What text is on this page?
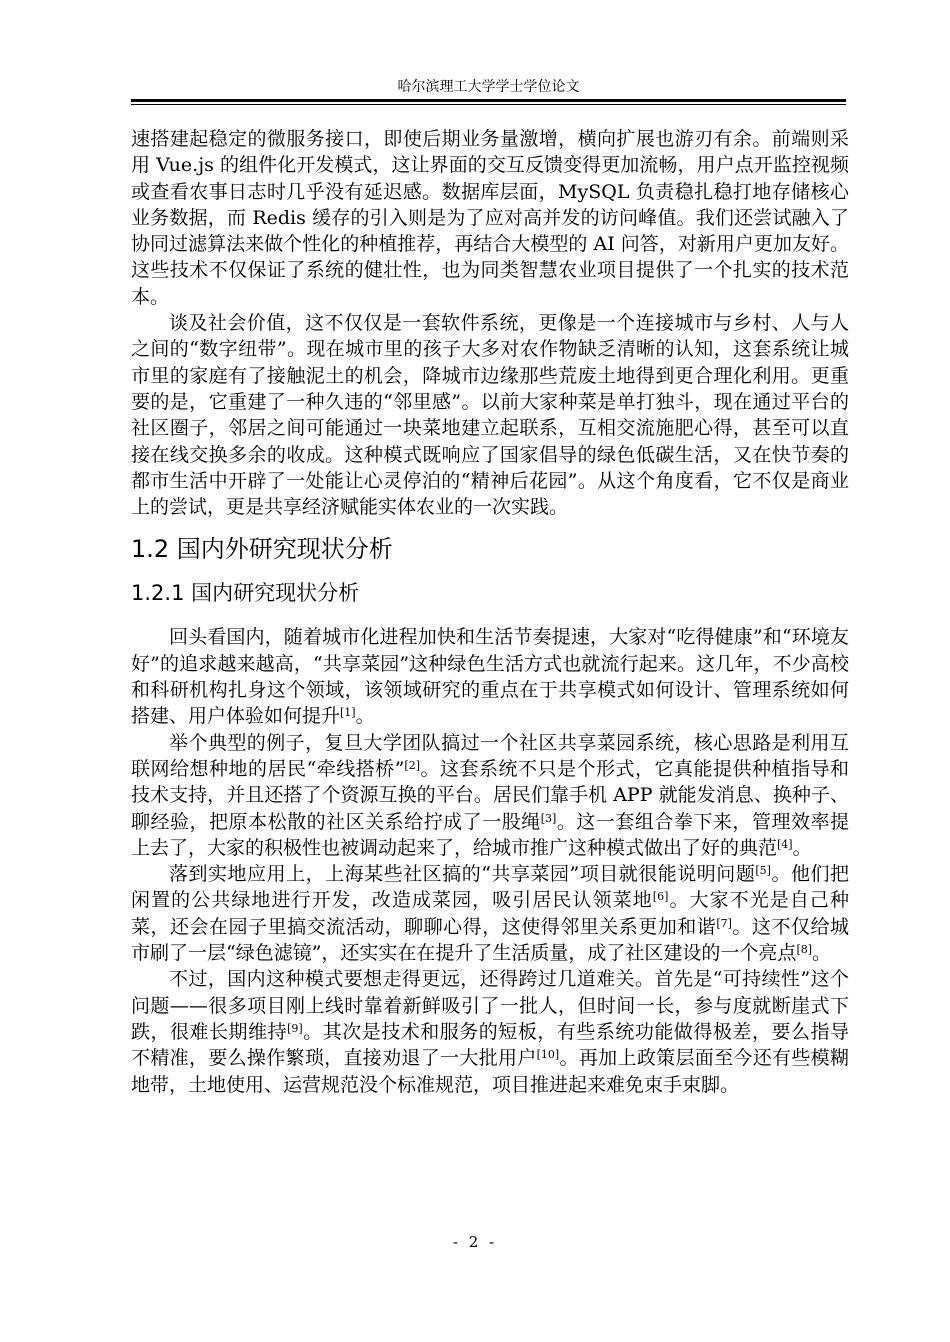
哈尔滨理工大学学士学位论文

速搭建起稳定的微服务接口，即使后期业务量激增，横向扩展也游刃有余。前端则采用 Vue.js 的组件化开发模式，这让界面的交互反馈变得更加流畅，用户点开监控视频或查看农事日志时几乎没有延迟感。数据库层面，MySQL 负责稳扎稳打地存储核心业务数据，而 Redis 缓存的引入则是为了应对高并发的访问峰值。我们还尝试融入了协同过滤算法来做个性化的种植推荐，再结合大模型的 AI 问答，对新用户更加友好。这些技术不仅保证了系统的健壮性，也为同类智慧农业项目提供了一个扎实的技术范本。

谈及社会价值，这不仅仅是一套软件系统，更像是一个连接城市与乡村、人与人之间的“数字纽带”。现在城市里的孩子大多对农作物缺乏清晰的认知，这套系统让城市里的家庭有了接触泥土的机会，降城市边缘那些荒废土地得到更合理化利用。更重要的是，它重建了一种久违的“邻里感”。以前大家种菜是单打独斗，现在通过平台的社区圈子，邻居之间可能通过一块菜地建立起联系，互相交流施肥心得，甚至可以直接在线交换多余的收成。这种模式既响应了国家倡导的绿色低碳生活，又在快节奏的都市生活中开辟了一处能让心灵停泊的“精神后花园”。从这个角度看，它不仅是商业上的尝试，更是共享经济赋能实体农业的一次实践。

1.2 国内外研究现状分析
1.2.1 国内研究现状分析

回头看国内，随着城市化进程加快和生活节奏提速，大家对“吃得健康”和“环境友好”的追求越来越高，“共享菜园”这种绿色生活方式也就流行起来。这几年，不少高校和科研机构扎身这个领域，该领域研究的重点在于共享模式如何设计、管理系统如何搭建、用户体验如何提升[1]。

举个典型的例子，复旦大学团队搞过一个社区共享菜园系统，核心思路是利用互联网给想种地的居民“牵线搭桥”[2]。这套系统不只是个形式，它真能提供种植指导和技术支持，并且还搭了个资源互换的平台。居民们靠手机 APP 就能发消息、换种子、聊经验，把原本松散的社区关系给拧成了一股绳[3]。这一套组合拳下来，管理效率提上去了，大家的积极性也被调动起来了，给城市推广这种模式做出了好的典范[4]。

落到实地应用上，上海某些社区搞的“共享菜园”项目就很能说明问题[5]。他们把闲置的公共绿地进行开发，改造成菜园，吸引居民认领菜地[6]。大家不光是自己种菜，还会在园子里搞交流活动，聊聊心得，这使得邻里关系更加和谐[7]。这不仅给城市刷了一层“绿色滤镜”，还实实在在提升了生活质量，成了社区建设的一个亮点[8]。

不过，国内这种模式要想走得更远，还得跨过几道难关。首先是“可持续性”这个问题——很多项目刚上线时靠着新鲜吸引了一批人，但时间一长，参与度就断崖式下跌，很难长期维持[9]。其次是技术和服务的短板，有些系统功能做得极差，要么指导不精准，要么操作繁琐，直接劝退了一大批用户[10]。再加上政策层面至今还有些模糊地带，土地使用、运营规范没个标准规范，项目推进起来难免束手束脚。

- 2 -
